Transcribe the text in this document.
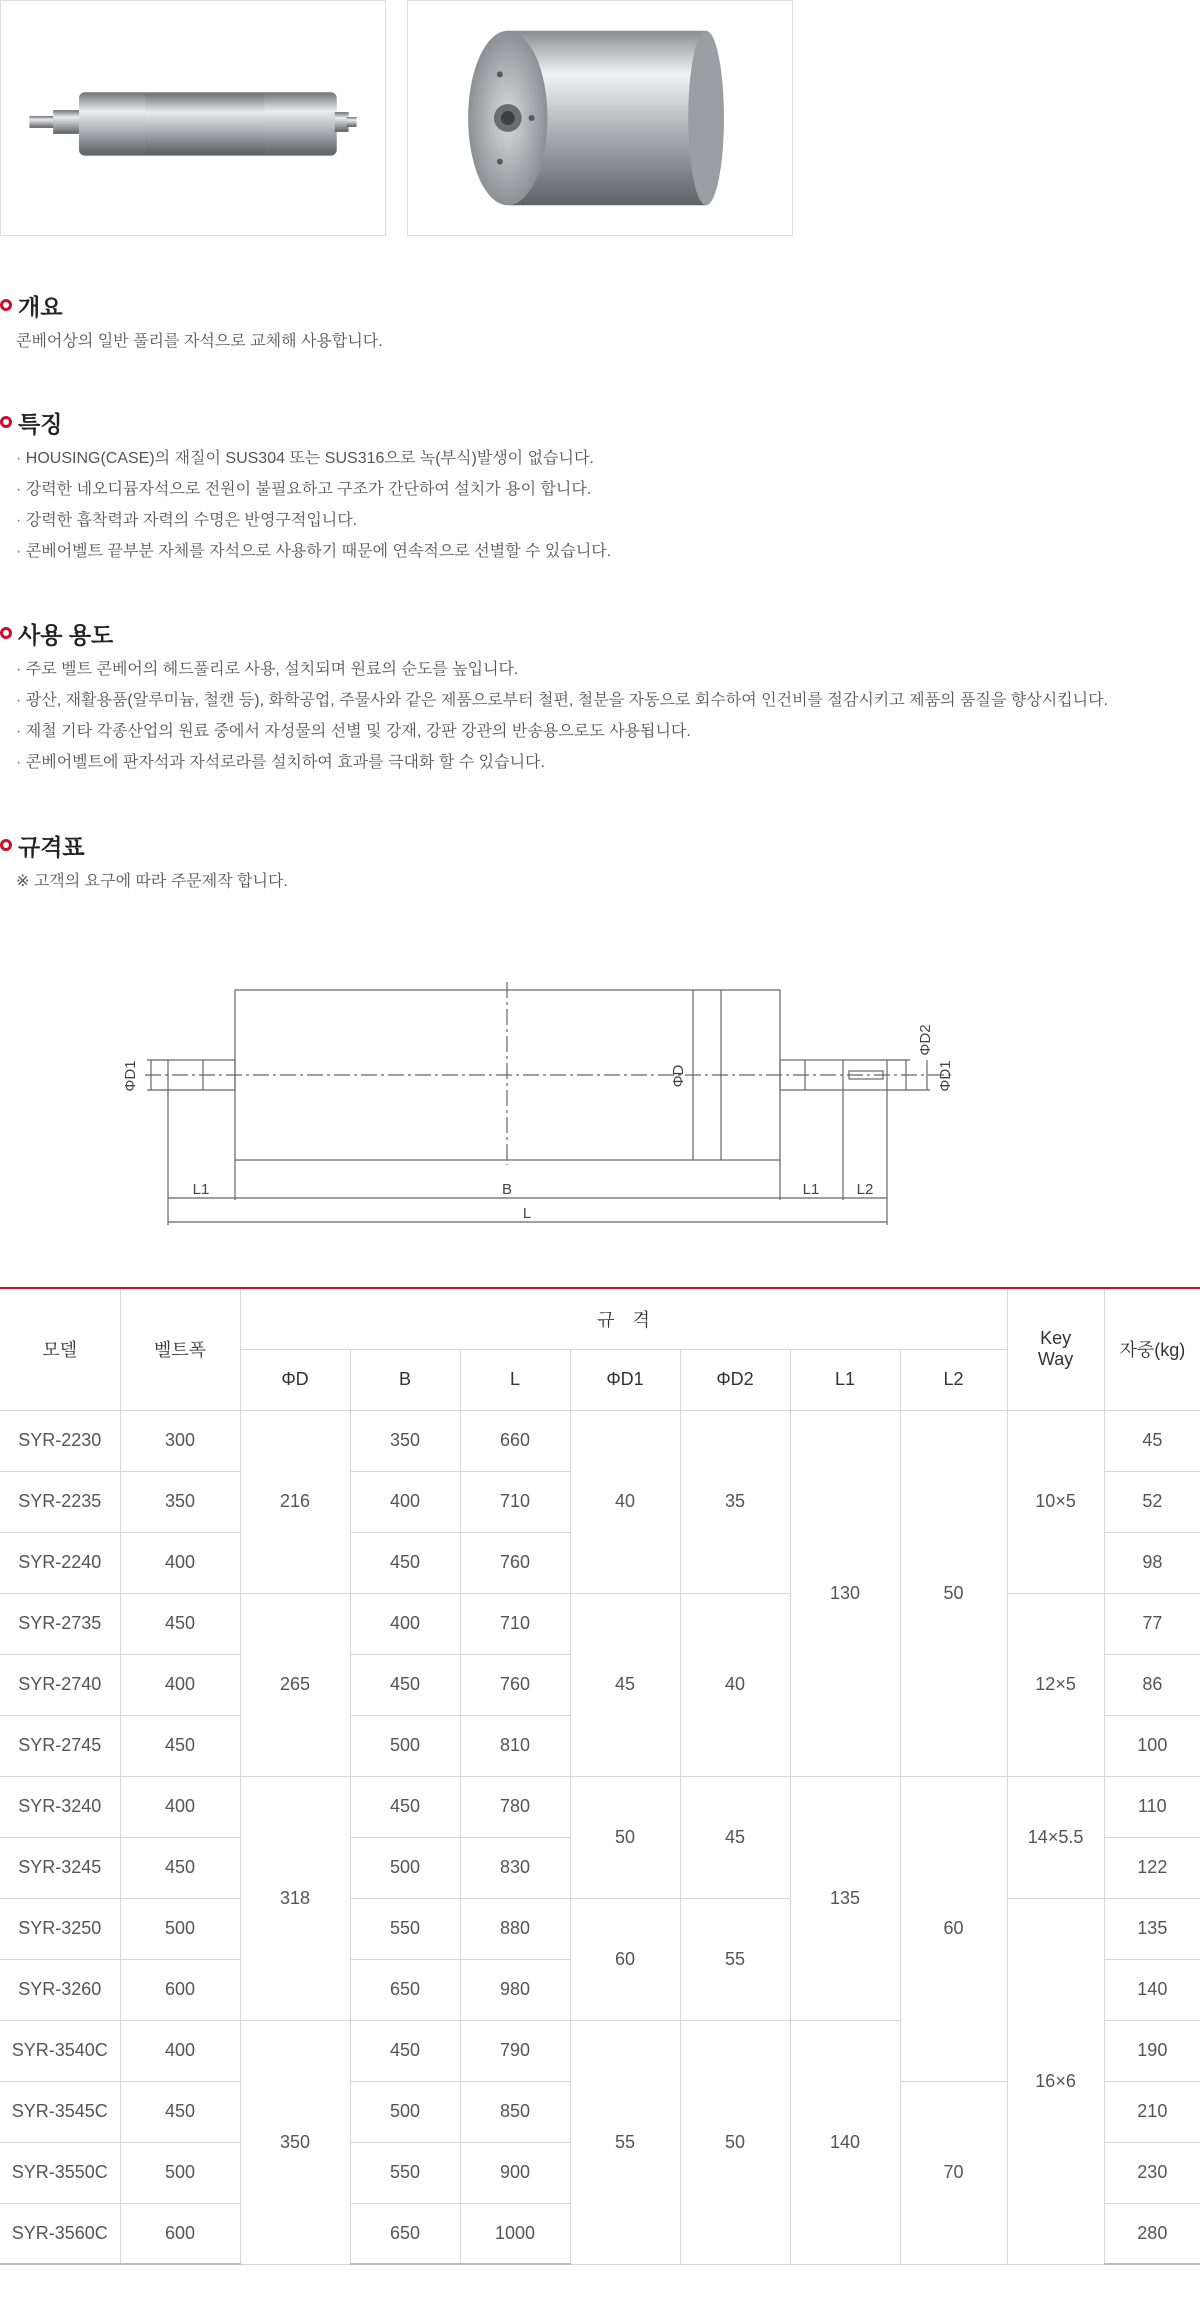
개요

콘베어상의 일반 풀리를 자석으로 교체해 사용합니다.

특징
· HOUSING(CASE)의 재질이 SUS304 또는 SUS316으로 녹(부식)발생이 없습니다.
· 강력한 네오디뮴자석으로 전원이 불필요하고 구조가 간단하여 설치가 용이 합니다.
· 강력한 흡착력과 자력의 수명은 반영구적입니다.
· 콘베어벨트 끝부분 자체를 자석으로 사용하기 때문에 연속적으로 선별할 수 있습니다.
사용 용도
· 주로 벨트 콘베어의 헤드풀리로 사용, 설치되며 원료의 순도를 높입니다.
· 광산, 재활용품(알루미늄, 철캔 등), 화학공업, 주물사와 같은 제품으로부터 철편, 철분을 자동으로 회수하여 인건비를 절감시키고 제품의 품질을 향상시킵니다.
· 제철 기타 각종산업의 원료 중에서 자성물의 선별 및 강재, 강판 강관의 반송용으로도 사용됩니다.
· 콘베어벨트에 판자석과 자석로라를 설치하여 효과를 극대화 할 수 있습니다.
규격표

※ 고객의 요구에 따라 주문제작 합니다.

ΦD1	ΦD
ΦD2
ΦD1
L1	B	L1 L2
L
모델	벨트폭	규　격							Key Way	자중(kg)
		ΦD	B	L	ΦD1	ΦD2	L1	L2		
SYR-2230	300	216	350	660	40	35	130	50	10×5	45
SYR-2235	350		400	710						52
SYR-2240	400		450	760						98
SYR-2735	450	265	400	710	45	40			12×5	77
SYR-2740	400		450	760						86
SYR-2745	450		500	810						100
SYR-3240	400	318	450	780	50	45	135	60	14×5.5	110
SYR-3245	450		500	830						122
SYR-3250	500		550	880	60	55			16×6	135
SYR-3260	600		650	980						140
SYR-3540C	400	350	450	790	55	50	140			190
SYR-3545C	450		500	850				70		210
SYR-3550C	500		550	900						230
SYR-3560C	600		650	1000						280
